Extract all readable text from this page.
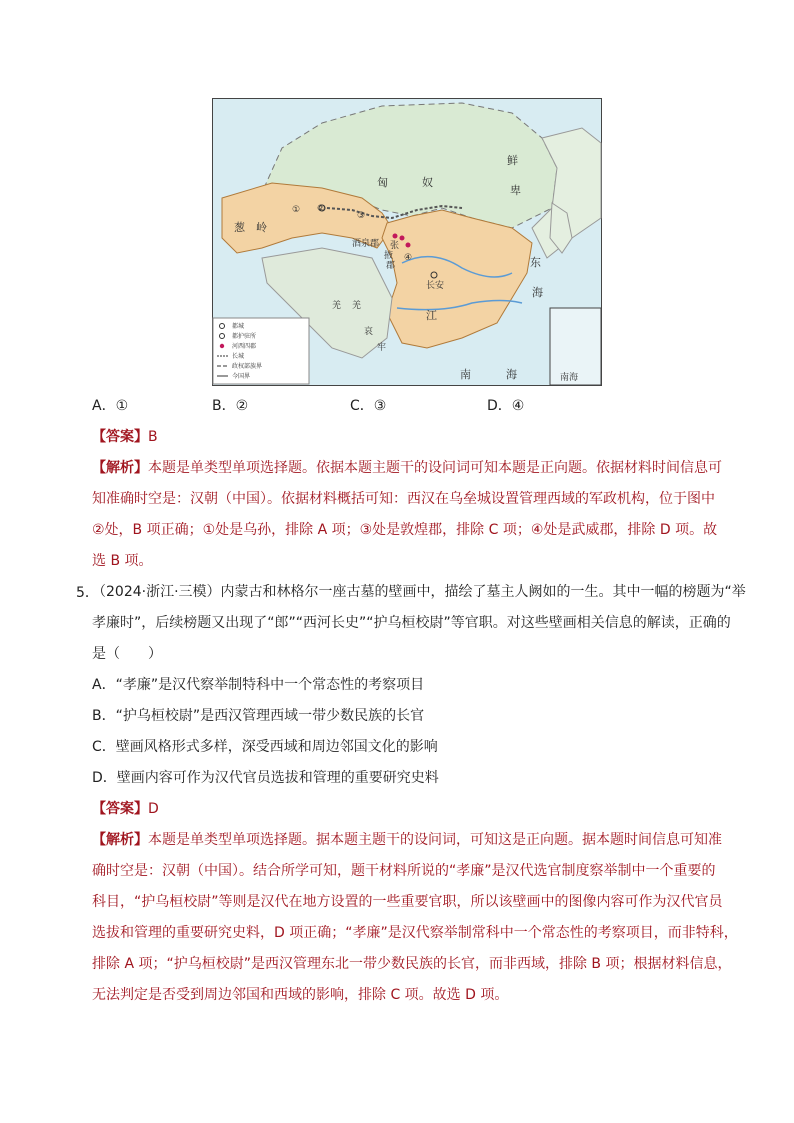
都城
都护驻所
河西四郡
长城
政权部族界
今国界
匈	奴
鲜
卑
葱 岭
江
东
海
南	海
酒泉郡 张
掖
郡
长安
羌 羌
哀
牢
① ②
③
④
南海
A．①	B．②	C．③	D．④
【答案】B
【解析】本题是单类型单项选择题。依据本题主题干的设问词可知本题是正向题。依据材料时间信息可
知准确时空是：汉朝（中国）。依据材料概括可知：西汉在乌垒城设置管理西域的军政机构，位于图中
②处，B 项正确；①处是乌孙，排除 A 项；③处是敦煌郡，排除 C 项；④处是武威郡，排除 D 项。故
选 B 项。
5．
（2024·浙江·三模）内蒙古和林格尔一座古墓的壁画中，描绘了墓主人阙如的一生。其中一幅的榜题为“举
孝廉时”，后续榜题又出现了“郎”“西河长史”“护乌桓校尉”等官职。对这些壁画相关信息的解读，正确的
是（　　）
A．“孝廉”是汉代察举制特科中一个常态性的考察项目
B．“护乌桓校尉”是西汉管理西域一带少数民族的长官
C．壁画风格形式多样，深受西域和周边邻国文化的影响
D．壁画内容可作为汉代官员选拔和管理的重要研究史料
【答案】D
【解析】本题是单类型单项选择题。据本题主题干的设问词，可知这是正向题。据本题时间信息可知准
确时空是：汉朝（中国）。结合所学可知，题干材料所说的“孝廉”是汉代选官制度察举制中一个重要的
科目，“护乌桓校尉”等则是汉代在地方设置的一些重要官职，所以该壁画中的图像内容可作为汉代官员
选拔和管理的重要研究史料，D 项正确；“孝廉”是汉代察举制常科中一个常态性的考察项目，而非特科，
排除 A 项；“护乌桓校尉”是西汉管理东北一带少数民族的长官，而非西域，排除 B 项；根据材料信息，
无法判定是否受到周边邻国和西域的影响，排除 C 项。故选 D 项。
